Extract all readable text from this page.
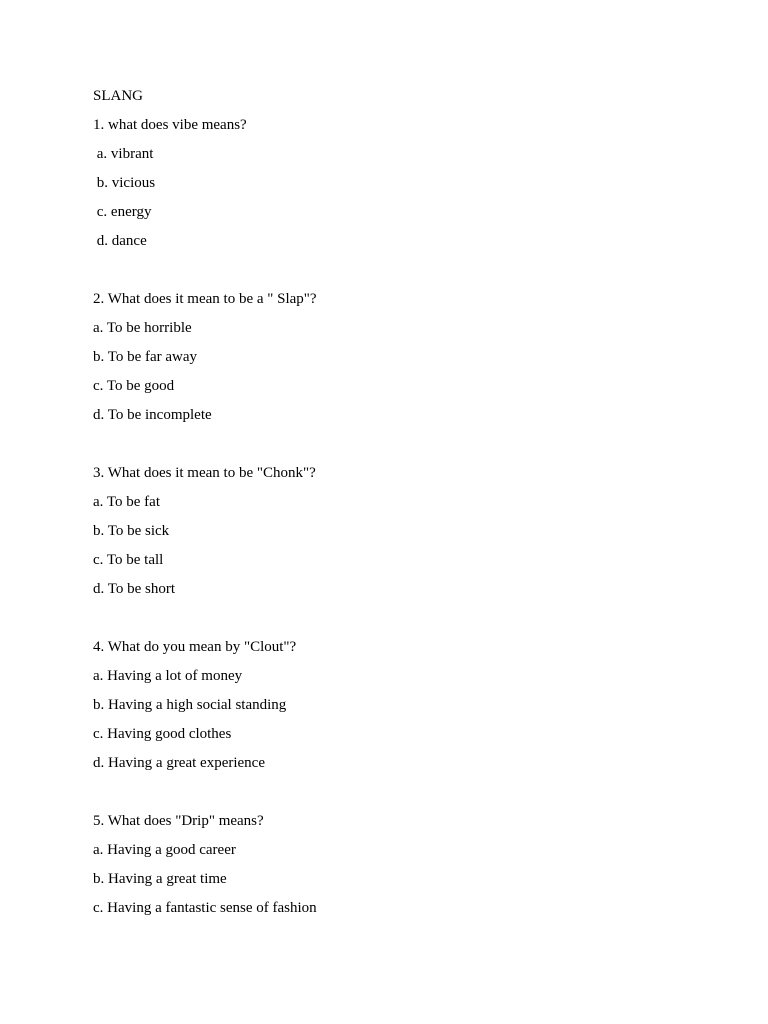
SLANG
1. what does vibe means?
a. vibrant
b. vicious
c. energy
d. dance
2. What does it mean to be a " Slap"?
a. To be horrible
b. To be far away
c. To be good
d. To be incomplete
3. What does it mean to be "Chonk"?
a. To be fat
b. To be sick
c. To be tall
d. To be short
4. What do you mean by "Clout"?
a. Having a lot of money
b. Having a high social standing
c. Having good clothes
d. Having a great experience
5. What does "Drip" means?
a. Having a good career
b. Having a great time
c. Having a fantastic sense of fashion
